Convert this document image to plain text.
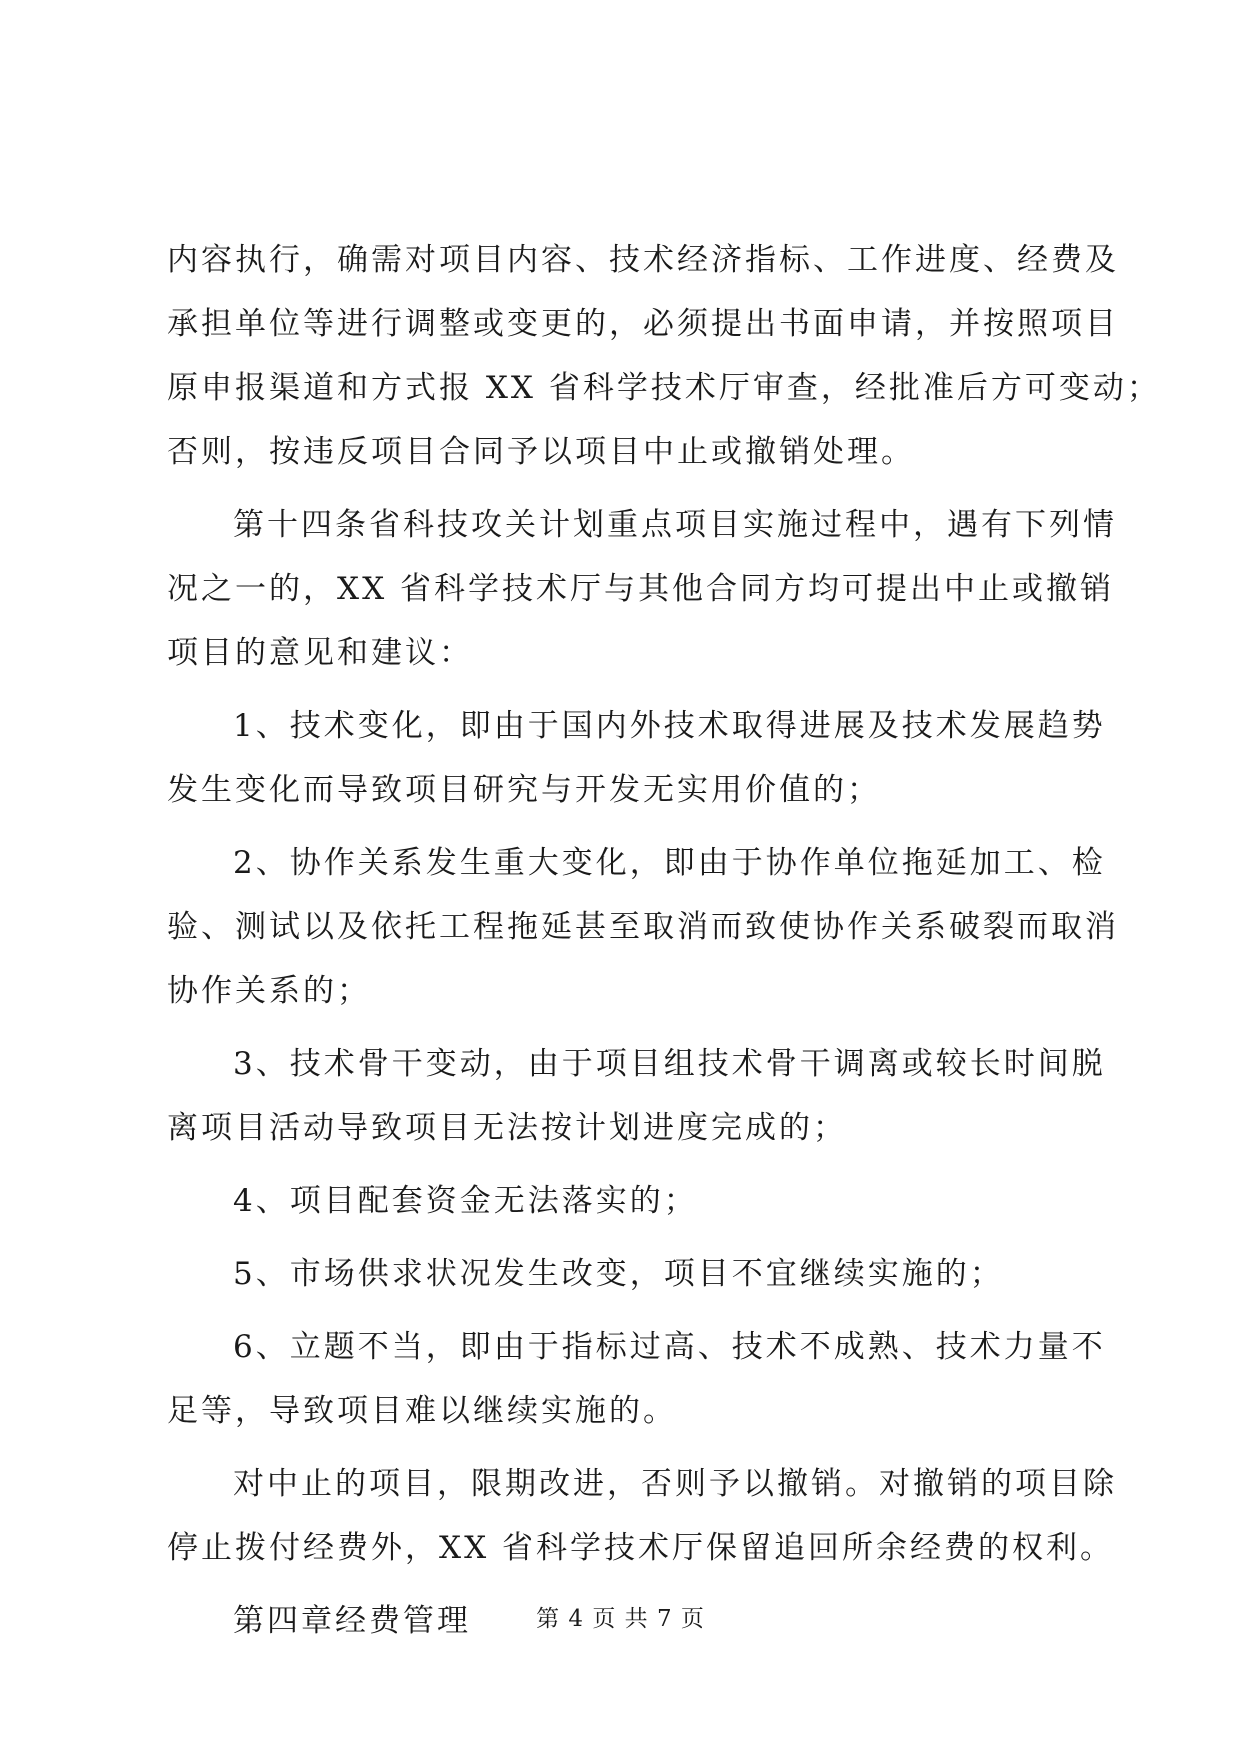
内容执行，确需对项目内容、技术经济指标、工作进度、经费及
承担单位等进行调整或变更的，必须提出书面申请，并按照项目
原申报渠道和方式报 XX 省科学技术厅审查，经批准后方可变动；
否则，按违反项目合同予以项目中止或撤销处理。
第十四条省科技攻关计划重点项目实施过程中，遇有下列情
况之一的，XX 省科学技术厅与其他合同方均可提出中止或撤销
项目的意见和建议：
1、技术变化，即由于国内外技术取得进展及技术发展趋势
发生变化而导致项目研究与开发无实用价值的；
2、协作关系发生重大变化，即由于协作单位拖延加工、检
验、测试以及依托工程拖延甚至取消而致使协作关系破裂而取消
协作关系的；
3、技术骨干变动，由于项目组技术骨干调离或较长时间脱
离项目活动导致项目无法按计划进度完成的；
4、项目配套资金无法落实的；
5、市场供求状况发生改变，项目不宜继续实施的；
6、立题不当，即由于指标过高、技术不成熟、技术力量不
足等，导致项目难以继续实施的。
对中止的项目，限期改进，否则予以撤销。对撤销的项目除
停止拨付经费外，XX 省科学技术厅保留追回所余经费的权利。
第四章经费管理	第 4 页 共 7 页
